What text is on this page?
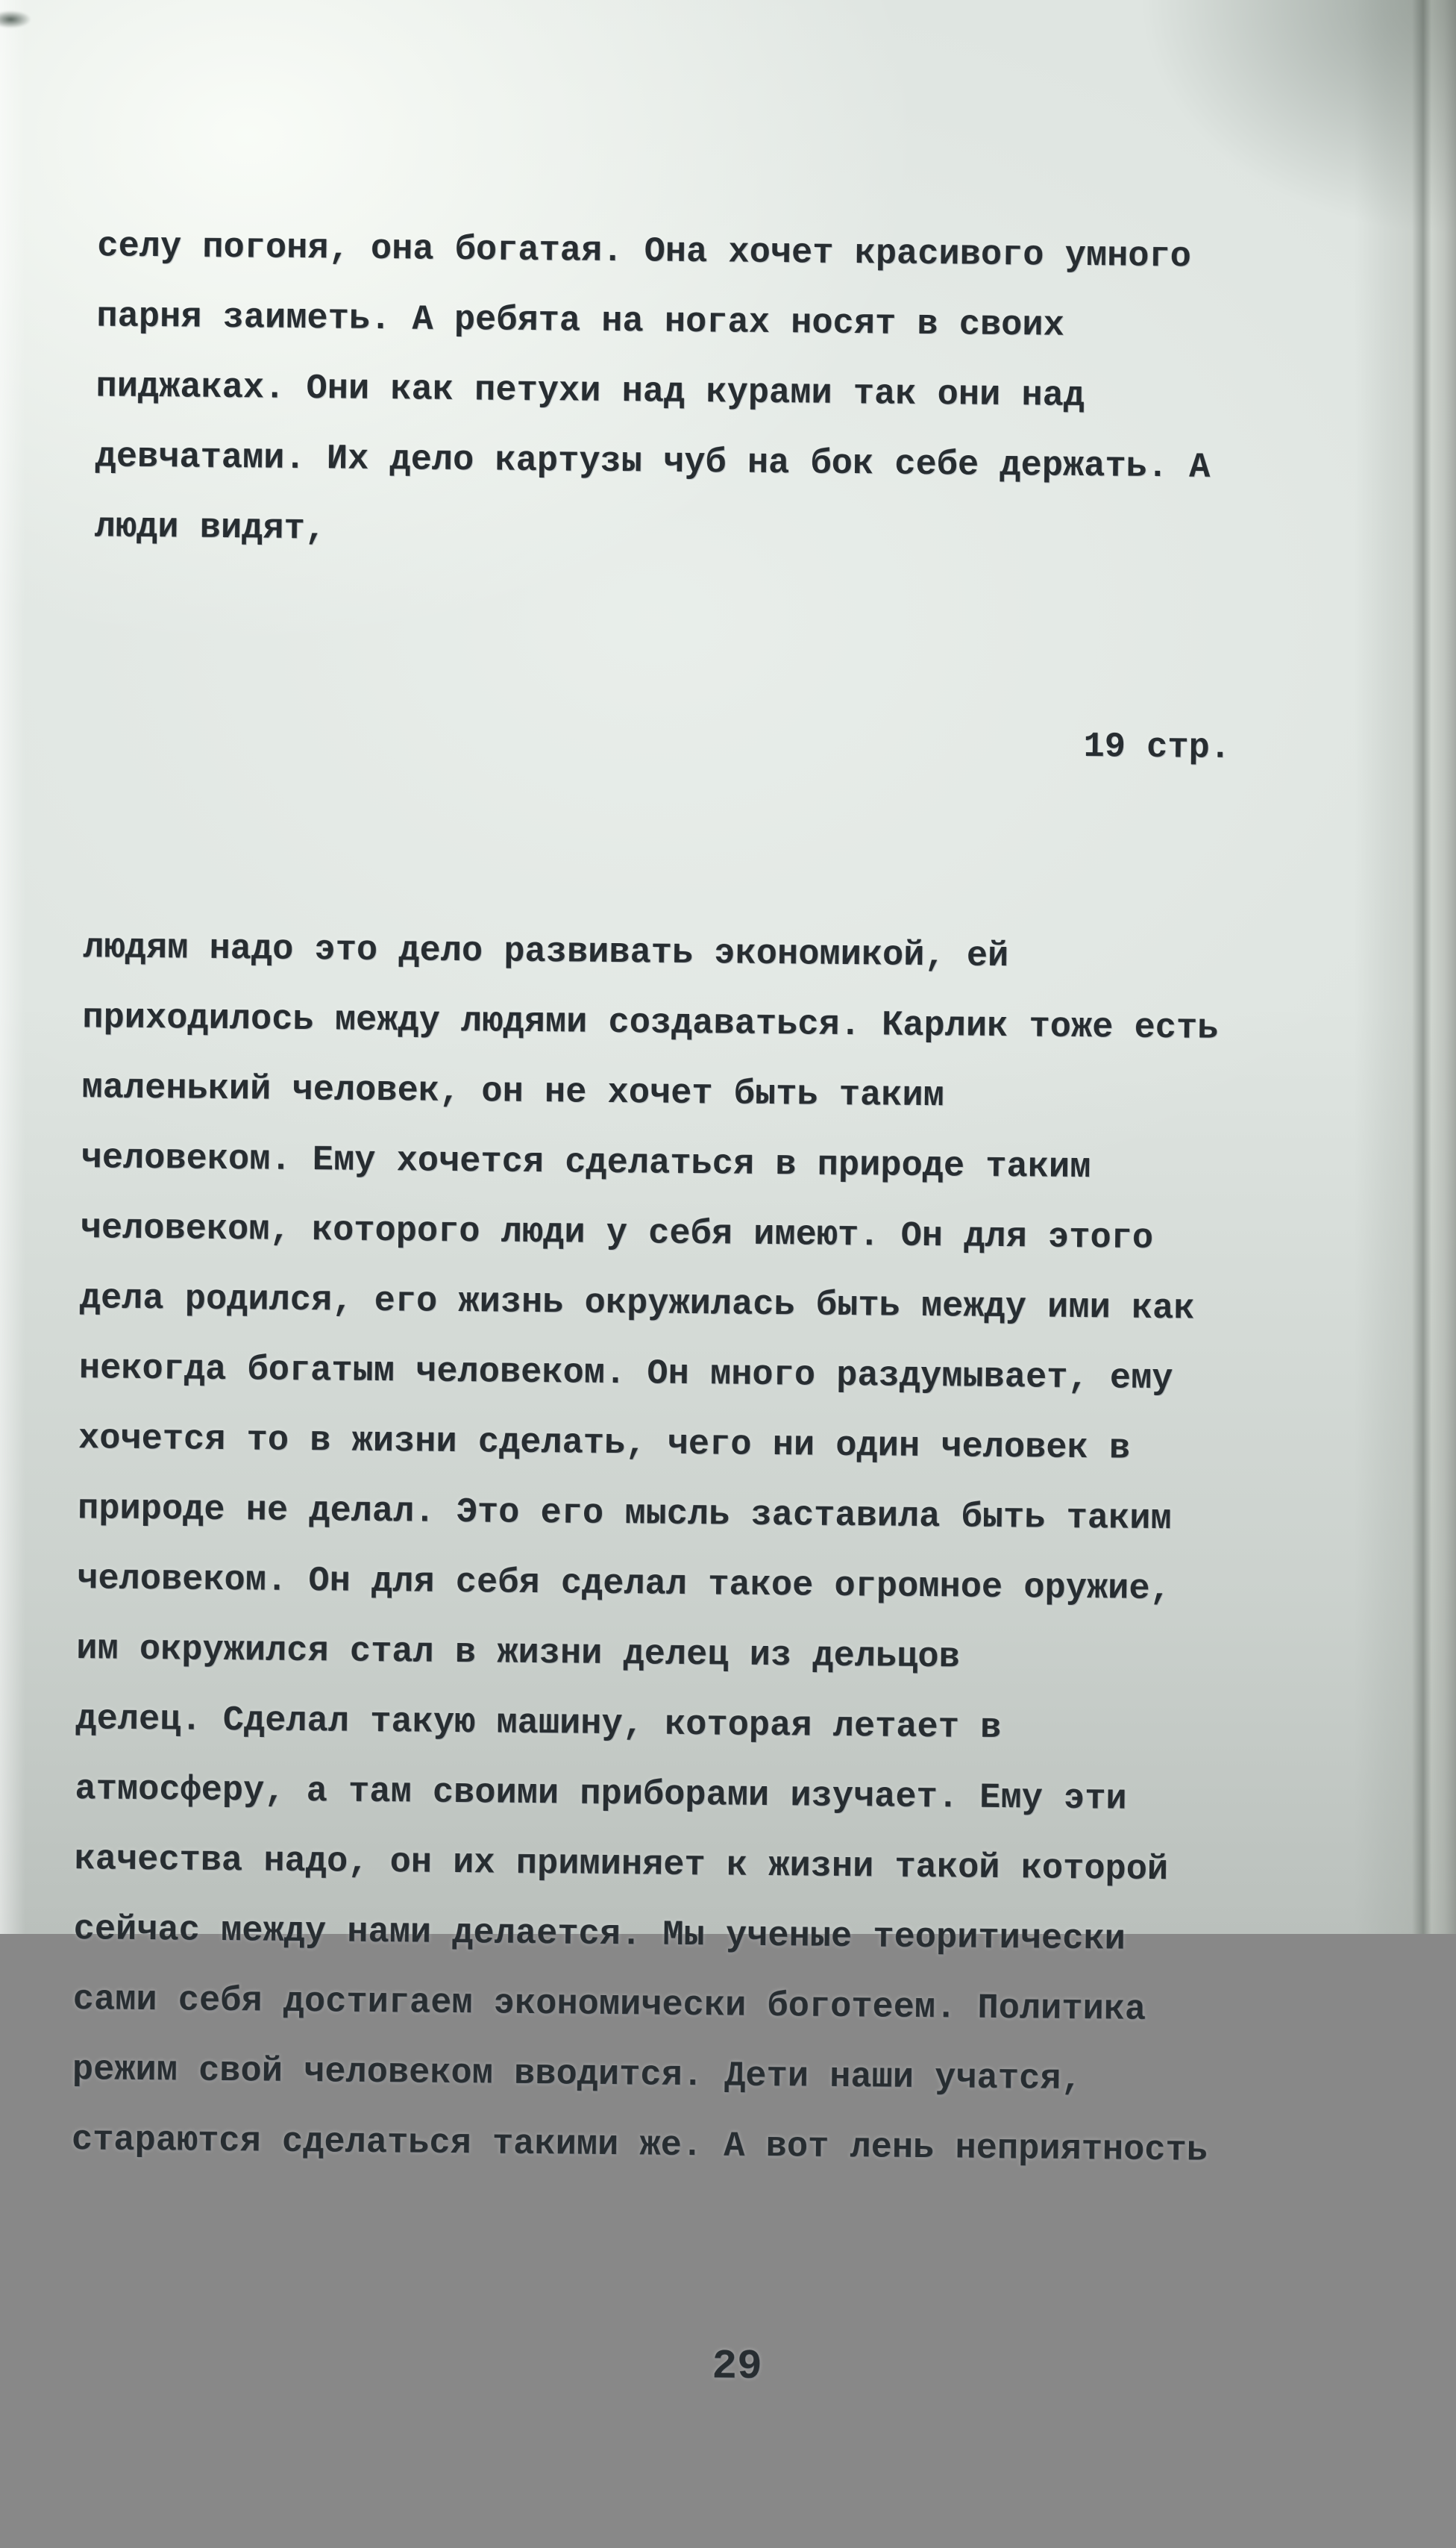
селу погоня, она богатая. Она хочет красивого умного
парня заиметь. А ребята на ногах носят в своих
пиджаках. Они как петухи над курами так они над
девчатами. Их дело картузы чуб на бок себе держать. А
люди видят,

19 стр.

людям надо это дело развивать экономикой, ей
приходилось между людями создаваться. Карлик тоже есть
маленький человек, он не хочет быть таким
человеком. Ему хочется сделаться в природе таким
человеком, которого люди у себя имеют. Он для этого
дела родился, его жизнь окружилась быть между ими как
некогда богатым человеком. Он много раздумывает, ему
хочется то в жизни сделать, чего ни один человек в
природе не делал. Это его мысль заставила быть таким
человеком. Он для себя сделал такое огромное оружие,
им окружился стал в жизни делец из дельцов
делец. Сделал такую машину, которая летает в
атмосферу, а там своими приборами изучает. Ему эти
качества надо, он их приминяет к жизни такой которой
сейчас между нами делается. Мы ученые теоритически
сами себя достигаем экономически боготеем. Политика
режим свой человеком вводится. Дети наши учатся,
стараются сделаться такими же. А вот лень неприятность

29
